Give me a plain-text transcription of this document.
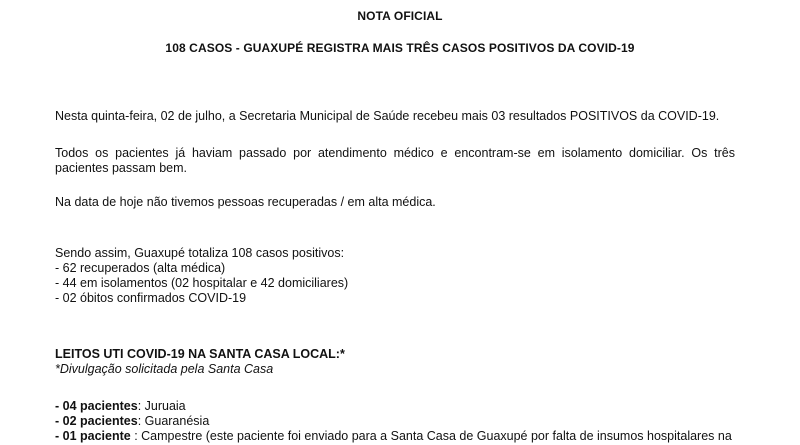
NOTA OFICIAL
108 CASOS - GUAXUPÉ REGISTRA MAIS TRÊS CASOS POSITIVOS DA COVID-19

Nesta quinta-feira, 02 de julho, a Secretaria Municipal de Saúde recebeu mais 03 resultados POSITIVOS da COVID-19.

Todos os pacientes já haviam passado por atendimento médico e encontram-se em isolamento domiciliar. Os três
pacientes passam bem.

Na data de hoje não tivemos pessoas recuperadas / em alta médica.

Sendo assim, Guaxupé totaliza 108 casos positivos:
- 62 recuperados (alta médica)
- 44 em isolamentos (02 hospitalar e 42 domiciliares)
- 02 óbitos confirmados COVID-19

LEITOS UTI COVID-19 NA SANTA CASA LOCAL:*
*Divulgação solicitada pela Santa Casa

- 04 pacientes: Juruaia
- 02 pacientes: Guaranésia
- 01 paciente : Campestre (este paciente foi enviado para a Santa Casa de Guaxupé por falta de insumos hospitalares na
